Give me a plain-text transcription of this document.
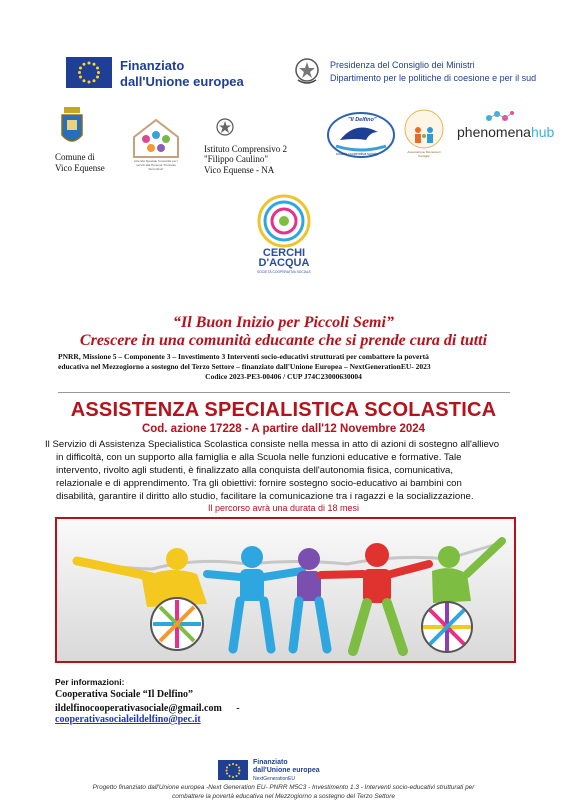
Finanziato
dall'Unione europea
Presidenza del Consiglio dei Ministri
Dipartimento per le politiche di coesione e per il sud
Comune di
Vico Equense
Azienda Speciale Consortile per i servizi alla Persona "Penisola Sorrentina"
Istituto Comprensivo 2
"Filippo Caulino"
Vico Equense - NA
"Il Delfino"
società cooperativa sociale	Associazione Montessori Famiglie
phenomenahub
CERCHI
D'ACQUA
SOCIETÀ COOPERATIVA SOCIALE
“Il Buon Inizio per Piccoli Semi”
Crescere in una comunità educante che si prende cura di tutti
PNRR, Missione 5 – Componente 3 – Investimento 3 Interventi socio-educativi strutturati per combattere la povertà
educativa nel Mezzogiorno a sostegno del Terzo Settore – finanziato dall'Unione Europea – NextGenerationEU- 2023
Codice 2023-PE3-00406 / CUP J74C23000630004
ASSISTENZA SPECIALISTICA SCOLASTICA
Cod. azione 17228 - A partire dall'12 Novembre 2024
Il Servizio di Assistenza Specialistica Scolastica consiste nella messa in atto di azioni di sostegno all'allievo
in difficoltà, con un supporto alla famiglia e alla Scuola nelle funzioni educative e formative. Tale
intervento, rivolto agli studenti, è finalizzato alla conquista dell'autonomia fisica, comunicativa,
relazionale e di apprendimento. Tra gli obiettivi: fornire sostegno socio-educativo ai bambini con
disabilità, garantire il diritto allo studio, facilitare la comunicazione tra i ragazzi e la socializzazione.
Il percorso avrà una durata di 18 mesi
Per informazioni:
Cooperativa Sociale “Il Delfino”
ildelfinocooperativasociale@gmail.com -
cooperativasocialeildelfino@pec.it
Finanziato
dall'Unione europea
NextGenerationEU
Progetto finanziato dall'Unione europea -Next Generation EU- PNRR M5C3 - Investimento 1.3 - Interventi socio-educativi strutturati per
combattere la povertà educativa nel Mezzogiorno a sostegno del Terzo Settore
